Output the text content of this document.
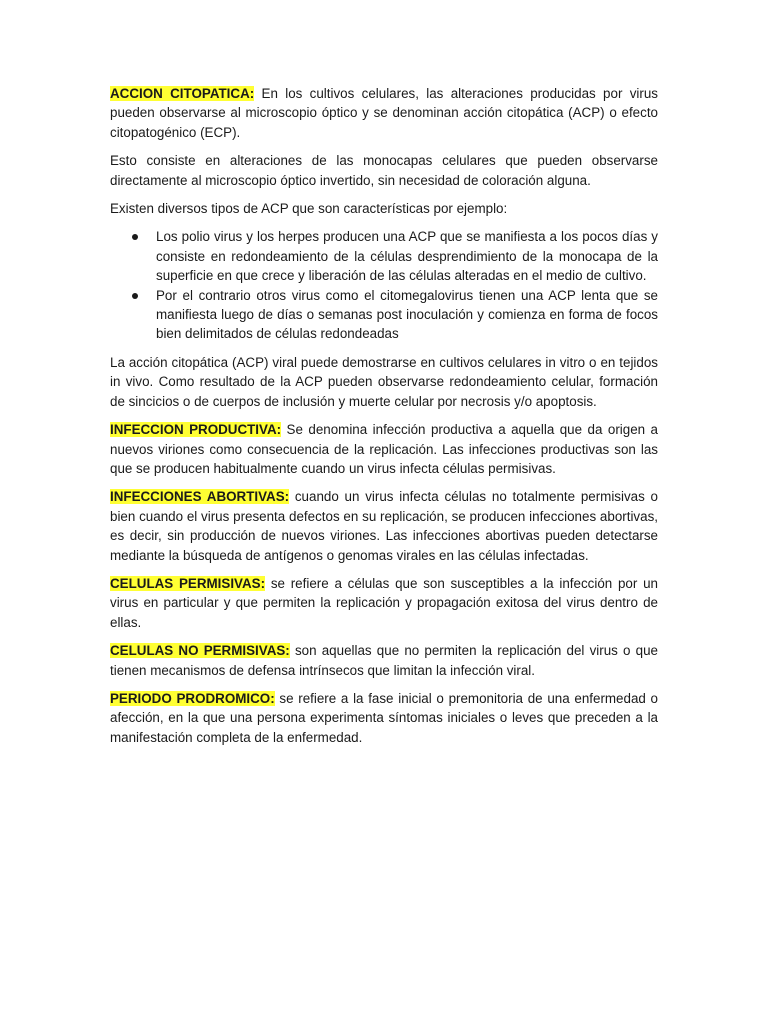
ACCION CITOPATICA: En los cultivos celulares, las alteraciones producidas por virus pueden observarse al microscopio óptico y se denominan acción citopática (ACP) o efecto citopatogénico (ECP).

Esto consiste en alteraciones de las monocapas celulares que pueden observarse directamente al microscopio óptico invertido, sin necesidad de coloración alguna.

Existen diversos tipos de ACP que son características por ejemplo:

Los polio virus y los herpes producen una ACP que se manifiesta a los pocos días y consiste en redondeamiento de la células desprendimiento de la monocapa de la superficie en que crece y liberación de las células alteradas en el medio de cultivo.
Por el contrario otros virus como el citomegalovirus tienen una ACP lenta que se manifiesta luego de días o semanas post inoculación y comienza en forma de focos bien delimitados de células redondeadas

La acción citopática (ACP) viral puede demostrarse en cultivos celulares in vitro o en tejidos in vivo. Como resultado de la ACP pueden observarse redondeamiento celular, formación de sincicios o de cuerpos de inclusión y muerte celular por necrosis y/o apoptosis.

INFECCION PRODUCTIVA: Se denomina infección productiva a aquella que da origen a nuevos viriones como consecuencia de la replicación. Las infecciones productivas son las que se producen habitualmente cuando un virus infecta células permisivas.

INFECCIONES ABORTIVAS: cuando un virus infecta células no totalmente permisivas o bien cuando el virus presenta defectos en su replicación, se producen infecciones abortivas, es decir, sin producción de nuevos viriones. Las infecciones abortivas pueden detectarse mediante la búsqueda de antígenos o genomas virales en las células infectadas.

CELULAS PERMISIVAS: se refiere a células que son susceptibles a la infección por un virus en particular y que permiten la replicación y propagación exitosa del virus dentro de ellas.

CELULAS NO PERMISIVAS: son aquellas que no permiten la replicación del virus o que tienen mecanismos de defensa intrínsecos que limitan la infección viral.

PERIODO PRODROMICO: se refiere a la fase inicial o premonitoria de una enfermedad o afección, en la que una persona experimenta síntomas iniciales o leves que preceden a la manifestación completa de la enfermedad.
